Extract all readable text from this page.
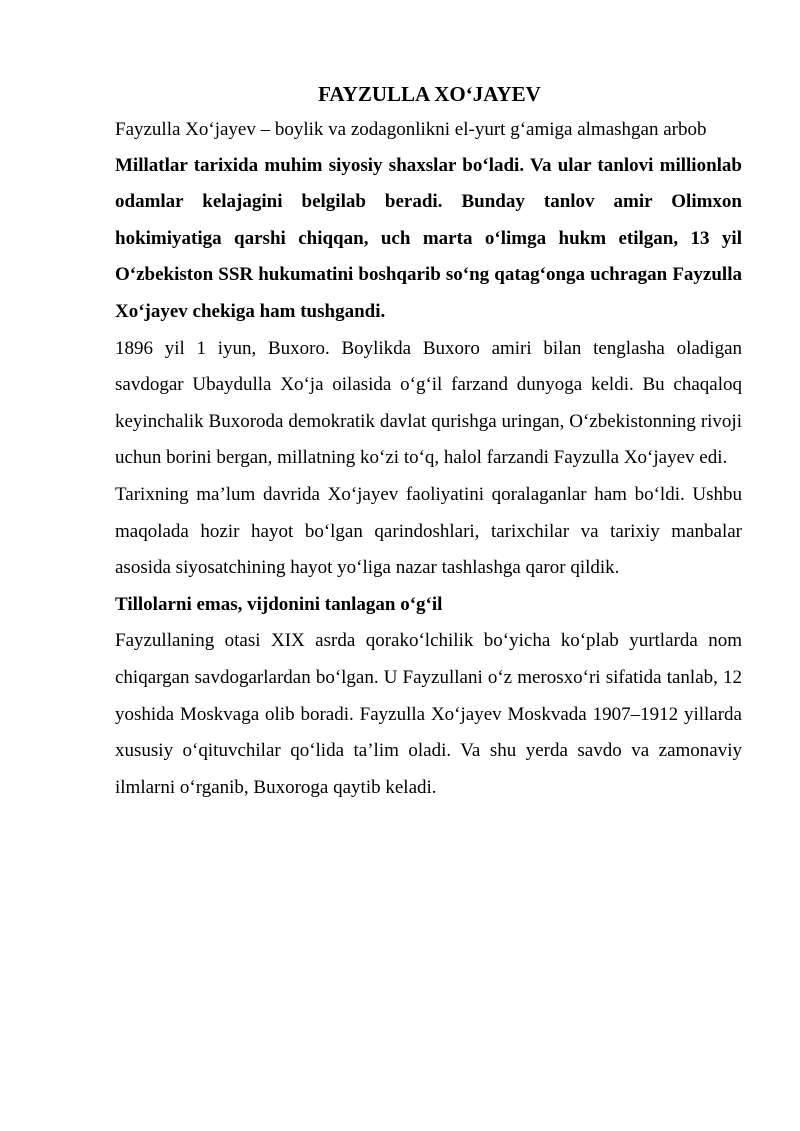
FAYZULLA XO‘JAYEV

Fayzulla Xo‘jayev – boylik va zodagonlikni el-yurt g‘amiga almashgan arbob

Millatlar tarixida muhim siyosiy shaxslar bo‘ladi. Va ular tanlovi millionlab odamlar kelajagini belgilab beradi. Bunday tanlov amir Olimxon hokimiyatiga qarshi chiqqan, uch marta o‘limga hukm etilgan, 13 yil O‘zbekiston SSR hukumatini boshqarib so‘ng qatag‘onga uchragan Fayzulla Xo‘jayev chekiga ham tushgandi.

1896 yil 1 iyun, Buxoro. Boylikda Buxoro amiri bilan tenglasha oladigan savdogar Ubaydulla Xo‘ja oilasida o‘g‘il farzand dunyoga keldi. Bu chaqaloq keyinchalik Buxoroda demokratik davlat qurishga uringan, O‘zbekistonning rivoji uchun borini bergan, millatning ko‘zi to‘q, halol farzandi Fayzulla Xo‘jayev edi.

Tarixning ma’lum davrida Xo‘jayev faoliyatini qoralaganlar ham bo‘ldi. Ushbu maqolada hozir hayot bo‘lgan qarindoshlari, tarixchilar va tarixiy manbalar asosida siyosatchining hayot yo‘liga nazar tashlashga qaror qildik.

Tillolarni emas, vijdonini tanlagan o‘g‘il

Fayzullaning otasi XIX asrda qorako‘lchilik bo‘yicha ko‘plab yurtlarda nom chiqargan savdogarlardan bo‘lgan. U Fayzullani o‘z merosxo‘ri sifatida tanlab, 12 yoshida Moskvaga olib boradi. Fayzulla Xo‘jayev Moskvada 1907–1912 yillarda xususiy o‘qituvchilar qo‘lida ta’lim oladi. Va shu yerda savdo va zamonaviy ilmlarni o‘rganib, Buxoroga qaytib keladi.
